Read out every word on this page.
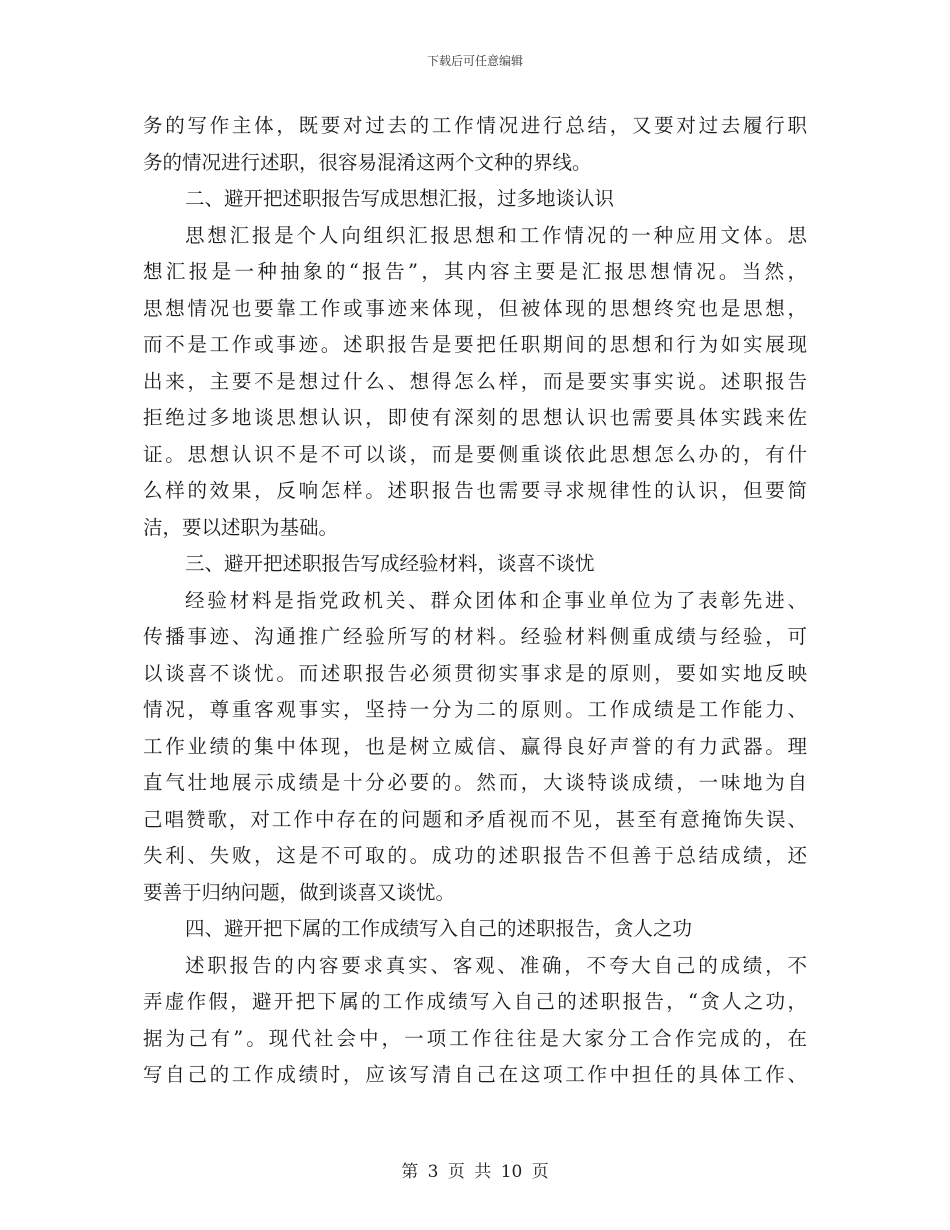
下载后可任意编辑
务的写作主体，既要对过去的工作情况进行总结，又要对过去履行职
务的情况进行述职，很容易混淆这两个文种的界线。
二、避开把述职报告写成思想汇报，过多地谈认识
思想汇报是个人向组织汇报思想和工作情况的一种应用文体。思
想汇报是一种抽象的“报告”，其内容主要是汇报思想情况。当然，
思想情况也要靠工作或事迹来体现，但被体现的思想终究也是思想，
而不是工作或事迹。述职报告是要把任职期间的思想和行为如实展现
出来，主要不是想过什么、想得怎么样，而是要实事实说。述职报告
拒绝过多地谈思想认识，即使有深刻的思想认识也需要具体实践来佐
证。思想认识不是不可以谈，而是要侧重谈依此思想怎么办的，有什
么样的效果，反响怎样。述职报告也需要寻求规律性的认识，但要简
洁，要以述职为基础。
三、避开把述职报告写成经验材料，谈喜不谈忧
经验材料是指党政机关、群众团体和企事业单位为了表彰先进、
传播事迹、沟通推广经验所写的材料。经验材料侧重成绩与经验，可
以谈喜不谈忧。而述职报告必须贯彻实事求是的原则，要如实地反映
情况，尊重客观事实，坚持一分为二的原则。工作成绩是工作能力、
工作业绩的集中体现，也是树立威信、赢得良好声誉的有力武器。理
直气壮地展示成绩是十分必要的。然而，大谈特谈成绩，一味地为自
己唱赞歌，对工作中存在的问题和矛盾视而不见，甚至有意掩饰失误、
失利、失败，这是不可取的。成功的述职报告不但善于总结成绩，还
要善于归纳问题，做到谈喜又谈忧。
四、避开把下属的工作成绩写入自己的述职报告，贪人之功
述职报告的内容要求真实、客观、准确，不夸大自己的成绩，不
弄虚作假，避开把下属的工作成绩写入自己的述职报告，“贪人之功，
据为己有”。现代社会中，一项工作往往是大家分工合作完成的，在
写自己的工作成绩时，应该写清自己在这项工作中担任的具体工作、
第 3 页 共 10 页
